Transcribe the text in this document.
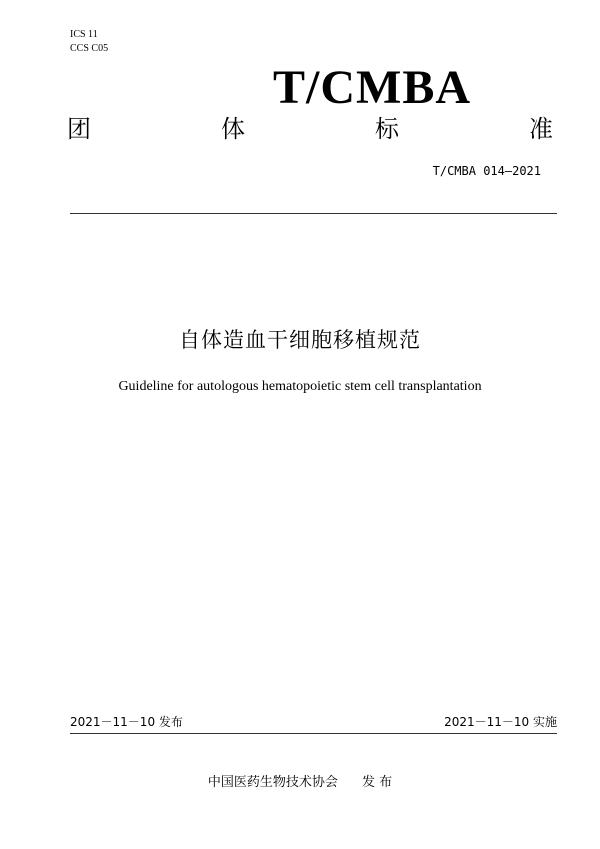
ICS 11
CCS C05
T/CMBA
团	体	标	准
T/CMBA 014—2021
自体造血干细胞移植规范
Guideline for autologous hematopoietic stem cell transplantation
2021－11－10 发布	2021－11－10 实施
中国医药生物技术协会 发 布
